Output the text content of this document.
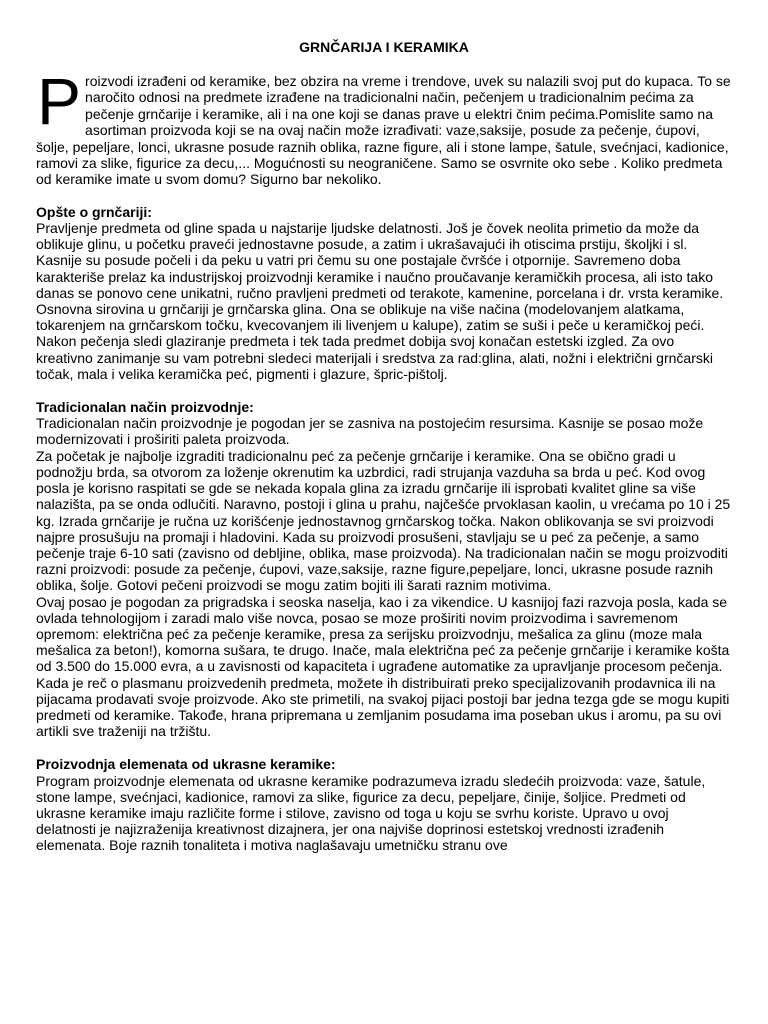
GRNČARIJA I KERAMIKA

Proizvodi izrađeni od keramike, bez obzira na vreme i trendove, uvek su nalazili svoj put do kupaca. To se naročito odnosi na predmete izrađene na tradicionalni način, pečenjem u tradicionalnim pećima za pečenje grnčarije i keramike, ali i na one koji se danas prave u elektri čnim pećima.Pomislite samo na asortiman proizvoda koji se na ovaj način može izrađivati: vaze,saksije, posude za pečenje, ćupovi, šolje, pepeljare, lonci, ukrasne posude raznih oblika, razne figure, ali i stone lampe, šatule, svećnjaci, kadionice, ramovi za slike, figurice za decu,... Mogućnosti su neograničene. Samo se osvrnite oko sebe . Koliko predmeta od keramike imate u svom domu? Sigurno bar nekoliko.

Opšte o grnčariji:

Pravljenje predmeta od gline spada u najstarije ljudske delatnosti. Još je čovek neolita primetio da može da oblikuje glinu, u početku praveći jednostavne posude, a zatim i ukrašavajući ih otiscima prstiju, školjki i sl. Kasnije su posude počeli i da peku u vatri pri čemu su one postajale čvršće i otpornije. Savremeno doba karakteriše prelaz ka industrijskoj proizvodnji keramike i naučno proučavanje keramičkih procesa, ali isto tako danas se ponovo cene unikatni, ručno pravljeni predmeti od terakote, kamenine, porcelana i dr. vrsta keramike. Osnovna sirovina u grnčariji je grnčarska glina. Ona se oblikuje na više načina (modelovanjem alatkama, tokarenjem na grnčarskom točku, kvecovanjem ili livenjem u kalupe), zatim se suši i peče u keramičkoj peći. Nakon pečenja sledi glaziranje predmeta i tek tada predmet dobija svoj konačan estetski izgled. Za ovo kreativno zanimanje su vam potrebni sledeci materijali i sredstva za rad:glina, alati, nožni i električni grnčarski točak, mala i velika keramička peć, pigmenti i glazure, špric-pištolj.

Tradicionalan način proizvodnje:

Tradicionalan način proizvodnje je pogodan jer se zasniva na postojećim resursima. Kasnije se posao može modernizovati i proširiti paleta proizvoda.

Za početak je najbolje izgraditi tradicionalnu peć za pečenje grnčarije i keramike. Ona se obično gradi u podnožju brda, sa otvorom za loženje okrenutim ka uzbrdici, radi strujanja vazduha sa brda u peć. Kod ovog posla je korisno raspitati se gde se nekada kopala glina za izradu grnčarije ili isprobati kvalitet gline sa više nalazišta, pa se onda odlučiti. Naravno, postoji i glina u prahu, najčešće prvoklasan kaolin, u vrećama po 10 i 25 kg. Izrada grnčarije je ručna uz korišćenje jednostavnog grnčarskog točka. Nakon oblikovanja se svi proizvodi najpre prosušuju na promaji i hladovini. Kada su proizvodi prosušeni, stavljaju se u peć za pečenje, a samo pečenje traje 6-10 sati (zavisno od debljine, oblika, mase proizvoda). Na tradicionalan način se mogu proizvoditi razni proizvodi: posude za pečenje, ćupovi, vaze,saksije, razne figure,pepeljare, lonci, ukrasne posude raznih oblika, šolje. Gotovi pečeni proizvodi se mogu zatim bojiti ili šarati raznim motivima.

Ovaj posao je pogodan za prigradska i seoska naselja, kao i za vikendice. U kasnijoj fazi razvoja posla, kada se ovlada tehnologijom i zaradi malo više novca, posao se moze proširiti novim proizvodima i savremenom opremom: električna peć za pečenje keramike, presa za serijsku proizvodnju, mešalica za glinu (moze mala mešalica za beton!), komorna sušara, te drugo. Inače, mala električna peć za pečenje grnčarije i keramike košta od 3.500 do 15.000 evra, a u zavisnosti od kapaciteta i ugrađene automatike za upravljanje procesom pečenja.

Kada je reč o plasmanu proizvedenih predmeta, možete ih distribuirati preko specijalizovanih prodavnica ili na pijacama prodavati svoje proizvode. Ako ste primetili, na svakoj pijaci postoji bar jedna tezga gde se mogu kupiti predmeti od keramike. Takođe, hrana pripremana u zemljanim posudama ima poseban ukus i aromu, pa su ovi artikli sve traženiji na tržištu.

Proizvodnja elemenata od ukrasne keramike:

Program proizvodnje elemenata od ukrasne keramike podrazumeva izradu sledećih proizvoda: vaze, šatule, stone lampe, svećnjaci, kadionice, ramovi za slike, figurice za decu, pepeljare, činije, šoljice. Predmeti od ukrasne keramike imaju različite forme i stilove, zavisno od toga u koju se svrhu koriste. Upravo u ovoj delatnosti je najizraženija kreativnost dizajnera, jer ona najviše doprinosi estetskoj vrednosti izrađenih elemenata. Boje raznih tonaliteta i motiva naglašavaju umetničku stranu ove
